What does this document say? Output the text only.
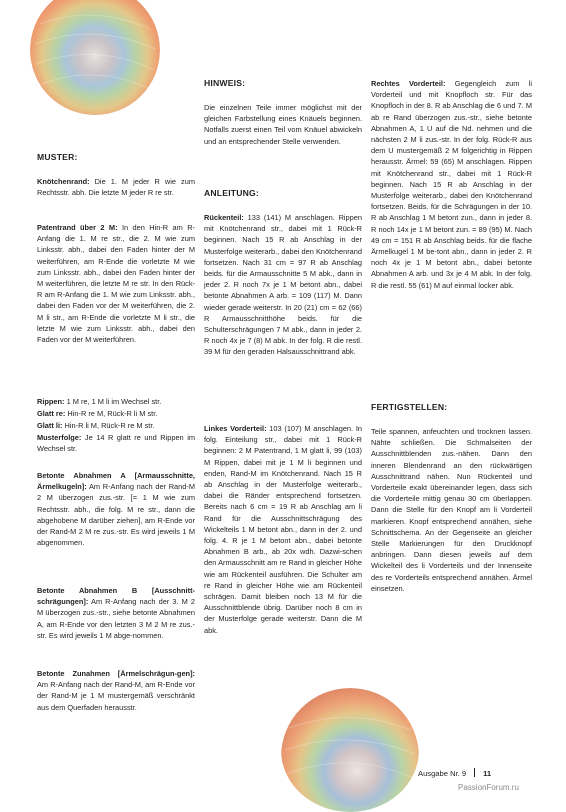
MUSTER:

Knötchenrand: Die 1. M jeder R wie zum Rechtsstr. abh. Die letzte M jeder R re str.

Patentrand über 2 M: In den Hin-R am R-Anfang die 1. M re str., die 2. M wie zum Linksstr. abh., dabei den Faden hinter der M weiterführen, am R-Ende die vorletzte M wie zum Linksstr. abh., dabei den Faden hinter der M weiterführen, die letzte M re str. In den Rück-R am R-Anfang die 1. M wie zum Linksstr. abh., dabei den Faden vor der M weiterführen, die 2. M li str., am R-Ende die vorletzte M li str., die letzte M wie zum Linksstr. abh., dabei den Faden vor der M weiterführen.

Rippen: 1 M re, 1 M li im Wechsel str.

Glatt re: Hin-R re M, Rück-R li M str.

Glatt li: Hin-R li M, Rück-R re M str.

Musterfolge: Je 14 R glatt re und Rippen im Wechsel str.

Betonte Abnahmen A [Armausschnitte, Ärmelkugeln]: Am R-Anfang nach der Rand-M 2 M überzogen zus.-str. [= 1 M wie zum Rechtsstr. abh., die folg. M re str., dann die abgehobene M darüber ziehen], am R-Ende vor der Rand-M 2 M re zus.-str. Es wird jeweils 1 M abgenommen.

Betonte Abnahmen B [Ausschnitt-schrägungen]: Am R-Anfang nach der 3. M 2 M überzogen zus.-str., siehe betonte Abnahmen A, am R-Ende vor den letzten 3 M 2 M re zus.-str. Es wird jeweils 1 M abge-nommen.

Betonte Zunahmen [Ärmelschrägun-gen]: Am R-Anfang nach der Rand-M, am R-Ende vor der Rand-M je 1 M mustergemäß verschränkt aus dem Querfaden herausstr.

HINWEIS:

Die einzelnen Teile immer möglichst mit der gleichen Farbstellung eines Knäuels beginnen. Notfalls zuerst einen Teil vom Knäuel abwickeln und an entsprechender Stelle verwenden.

ANLEITUNG:

Rückenteil: 133 (141) M anschlagen. Rippen mit Knötchenrand str., dabei mit 1 Rück-R beginnen. Nach 15 R ab Anschlag in der Musterfolge weiterarb., dabei den Knötchenrand fortsetzen. Nach 31 cm = 97 R ab Anschlag beids. für die Armausschnitte 5 M abk., dann in jeder 2. R noch 7x je 1 M betont abn., dabei betonte Abnahmen A arb. = 109 (117) M. Dann wieder gerade weiterstr. In 20 (21) cm = 62 (66) R Armausschnitthöhe beids. für die Schulterschrägungen 7 M abk., dann in jeder 2. R noch 4x je 7 (8) M abk. In der folg. R die restl. 39 M für den geraden Halsausschnittrand abk.

Linkes Vorderteil: 103 (107) M anschlagen. In folg. Einteilung str., dabei mit 1 Rück-R beginnen: 2 M Patentrand, 1 M glatt li, 99 (103) M Rippen, dabei mit je 1 M li beginnen und enden, Rand-M im Knötchenrand. Nach 15 R ab Anschlag in der Musterfolge weiterarb., dabei die Ränder entsprechend fortsetzen. Bereits nach 6 cm = 19 R ab Anschlag am li Rand für die Ausschnittschrägung des Wickelteils 1 M betont abn., dann in der 2. und folg. 4. R je 1 M betont abn., dabei betonte Abnahmen B arb., ab 20x wdh. Dazwi-schen den Armausschnitt am re Rand in gleicher Höhe wie am Rückenteil ausführen. Die Schulter am re Rand in gleicher Höhe wie am Rückenteil schrägen. Damit bleiben noch 13 M für die Ausschnittblende übrig. Darüber noch 8 cm in der Musterfolge gerade weiterstr. Dann die M abk.

Rechtes Vorderteil: Gegengleich zum li Vorderteil und mit Knopfloch str. Für das Knopfloch in der 8. R ab Anschlag die 6 und 7. M ab re Rand überzogen zus.-str., siehe betonte Abnahmen A, 1 U auf die Nd. nehmen und die nächsten 2 M li zus.-str. In der folg. Rück-R aus dem U mustergemäß 2 M folgerichtig in Rippen herausstr. Ärmel: 59 (65) M anschlagen. Rippen mit Knötchenrand str., dabei mit 1 Rück-R beginnen. Nach 15 R ab Anschlag in der Musterfolge weiterarb., dabei den Knötchenrand fortsetzen. Beids. für die Schrägungen in der 10. R ab Anschlag 1 M betont zun., dann in jeder 8. R noch 14x je 1 M betont zun. = 89 (95) M. Nach 49 cm = 151 R ab Anschlag beids. für die flache Ärmelkugel 1 M be-tont abn., dann in jeder 2. R noch 4x je 1 M betont abn., dabei betonte Abnahmen A arb. und 3x je 4 M abk. In der folg. R die restl. 55 (61) M auf einmal locker abk.

FERTIGSTELLEN:

Teile spannen, anfeuchten und trocknen lassen. Nähte schließen. Die Schmalseiten der Ausschnittblenden zus.-nähen. Dann den inneren Blendenrand an den rückwärtigen Ausschnittrand nähen. Nun Rückenteil und Vorderteile exakt übereinander legen, dass sich die Vorderteile mittig genau 30 cm überlappen. Dann die Stelle für den Knopf am li Vorderteil markieren. Knopf entsprechend annähen, siehe Schnittschema. An der Gegenseite an gleicher Stelle Markierungen für den Druckknopf anbringen. Dann diesen jeweils auf dem Wickelteil des li Vorderteils und der Innenseite des re Vorderteils entsprechend annähen. Ärmel einsetzen.

Ausgabe Nr. 9 11
PassionForum.ru
